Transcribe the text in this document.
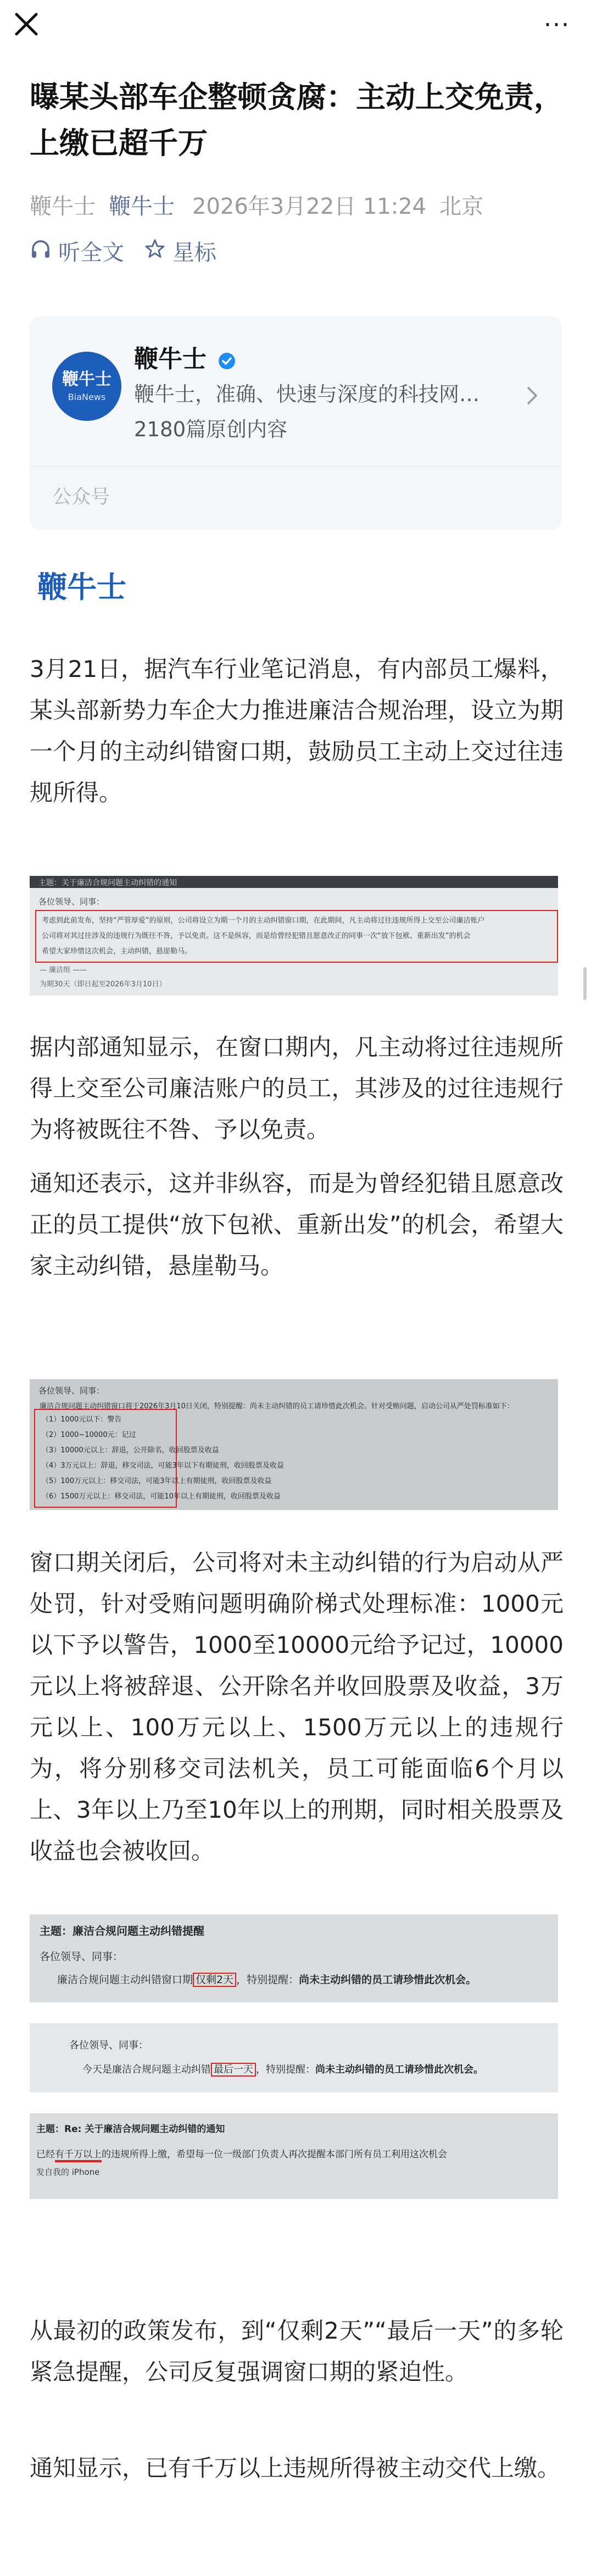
···
曝某头部车企整顿贪腐：主动上交免责，上缴已超千万
鞭牛士 鞭牛士 2026年3月22日 11:24 北京
听全文 星标
鞭牛士
BiaNews
鞭牛士
鞭牛士，准确、快速与深度的科技网…
2180篇原创内容
公众号
鞭牛士
3月21日，据汽车行业笔记消息，有内部员工爆料，某头部新势力车企大力推进廉洁合规治理，设立为期一个月的主动纠错窗口期，鼓励员工主动上交过往违规所得。
主题：关于廉洁合规问题主动纠错的通知
各位领导、同事：
考虑到此前发布，坚持“严管厚爱”的原则，公司将设立为期一个月的主动纠错窗口期，在此期间，凡主动将过往违规所得上交至公司廉洁账户
公司将对其过往涉及的违规行为既往不咎，予以免责。这不是纵容，而是给曾经犯错且愿意改正的同事一次“放下包袱、重新出发”的机会
希望大家珍惜这次机会，主动纠错，悬崖勒马。
— 廉洁组 ——
为期30天（即日起至2026年3月10日）
据内部通知显示，在窗口期内，凡主动将过往违规所得上交至公司廉洁账户的员工，其涉及的过往违规行为将被既往不咎、予以免责。
通知还表示，这并非纵容，而是为曾经犯错且愿意改正的员工提供“放下包袱、重新出发”的机会，希望大家主动纠错，悬崖勒马。
各位领导、同事：
廉洁合规问题主动纠错窗口将于2026年3月10日关闭，特别提醒：尚未主动纠错的员工请珍惜此次机会。针对受贿问题，启动公司从严处罚标准如下：
（1）1000元以下：警告
（2）1000~10000元：记过
（3）10000元以上：辞退，公开除名，收回股票及收益
（4）3万元以上：辞退，移交司法，可能3年以下有期徒刑，收回股票及收益
（5）100万元以上：移交司法，可能3年以上有期徒刑，收回股票及收益
（6）1500万元以上：移交司法，可能10年以上有期徒刑，收回股票及收益
窗口期关闭后，公司将对未主动纠错的行为启动从严处罚，针对受贿问题明确阶梯式处理标准：1000元以下予以警告，1000至10000元给予记过，10000元以上将被辞退、公开除名并收回股票及收益，3万元以上、100万元以上、1500万元以上的违规行为，将分别移交司法机关，员工可能面临6个月以上、3年以上乃至10年以上的刑期，同时相关股票及收益也会被收回。
主题：廉洁合规问题主动纠错提醒
各位领导、同事：
廉洁合规问题主动纠错窗口期 仅剩2天 ，特别提醒：尚未主动纠错的员工请珍惜此次机会。
各位领导、同事：
今天是廉洁合规问题主动纠错 最后一天 ，特别提醒：尚未主动纠错的员工请珍惜此次机会。
主题：Re: 关于廉洁合规问题主动纠错的通知
已经有千万以上的违规所得上缴，希望每一位一级部门负责人再次提醒本部门所有员工利用这次机会
发自我的 iPhone
从最初的政策发布，到“仅剩2天”“最后一天”的多轮紧急提醒，公司反复强调窗口期的紧迫性。
通知显示，已有千万以上违规所得被主动交代上缴。
